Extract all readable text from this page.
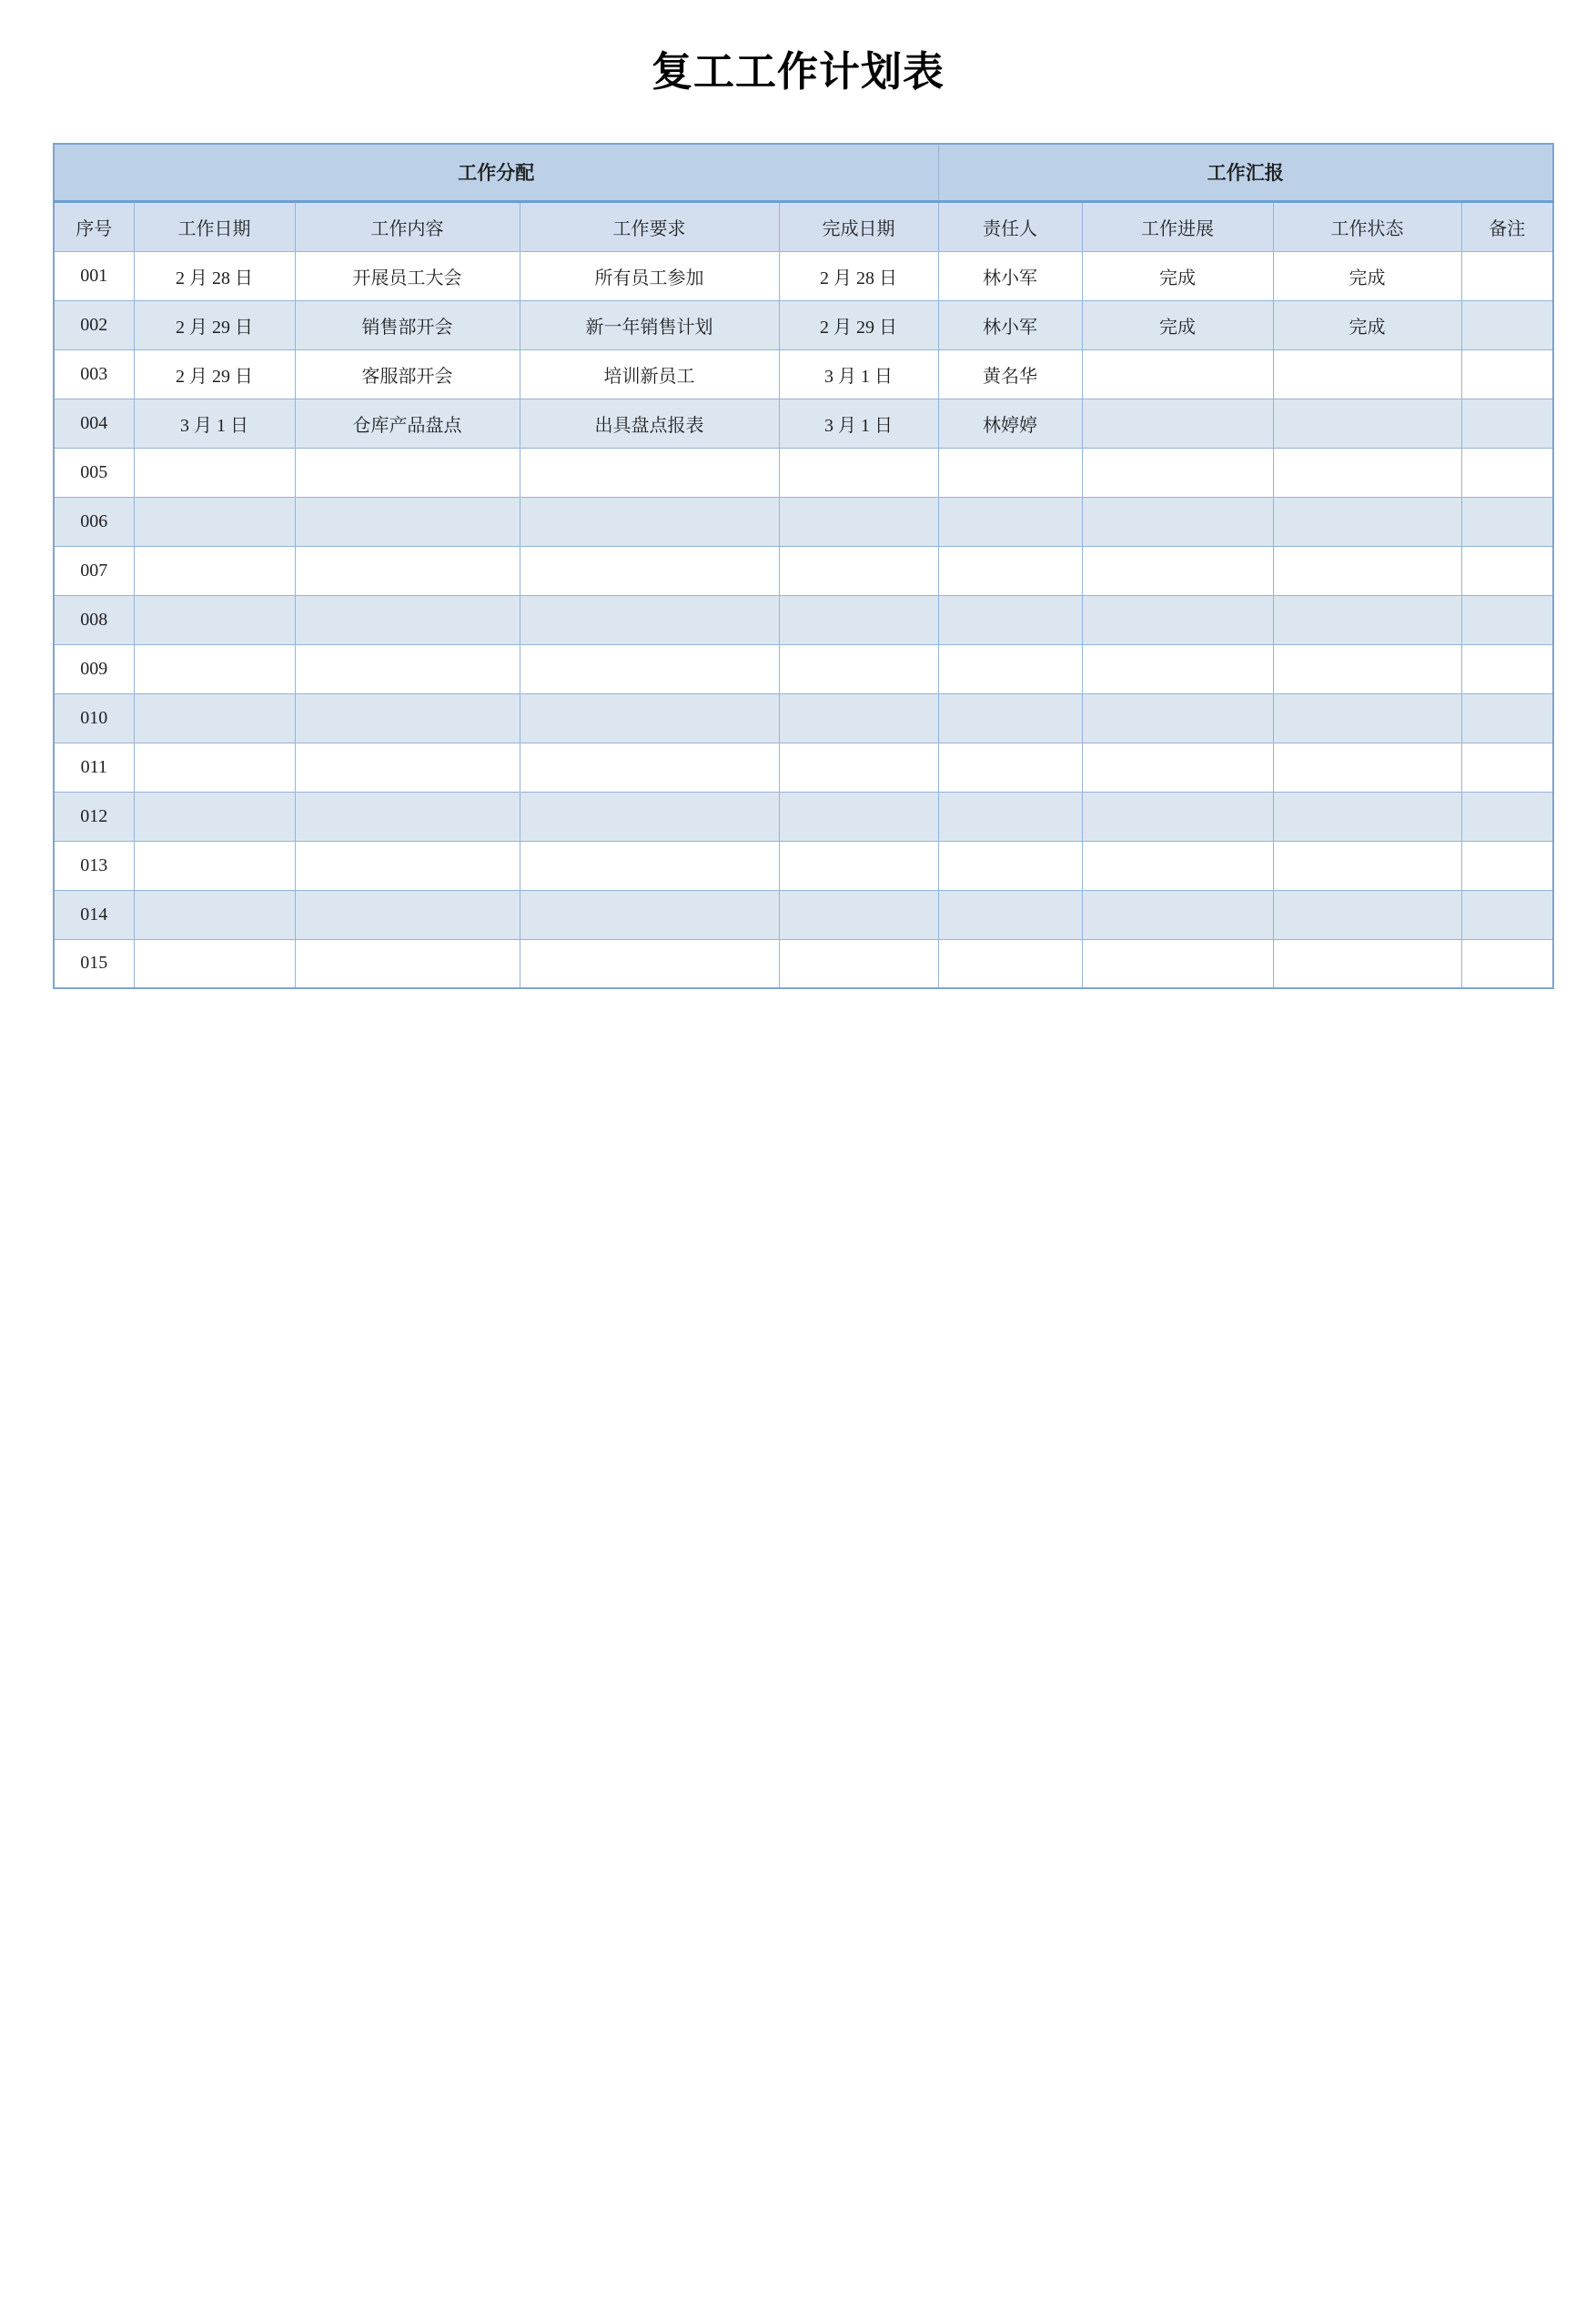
复工工作计划表
工作分配					工作汇报			
序号	工作日期	工作内容	工作要求	完成日期	责任人	工作进展	工作状态	备注
001	2 月 28 日	开展员工大会	所有员工参加	2 月 28 日	林小军	完成	完成	
002	2 月 29 日	销售部开会	新一年销售计划	2 月 29 日	林小军	完成	完成	
003	2 月 29 日	客服部开会	培训新员工	3 月 1 日	黄名华			
004	3 月 1 日	仓库产品盘点	出具盘点报表	3 月 1 日	林婷婷			
005								
006								
007								
008								
009								
010								
011								
012								
013								
014								
015								
